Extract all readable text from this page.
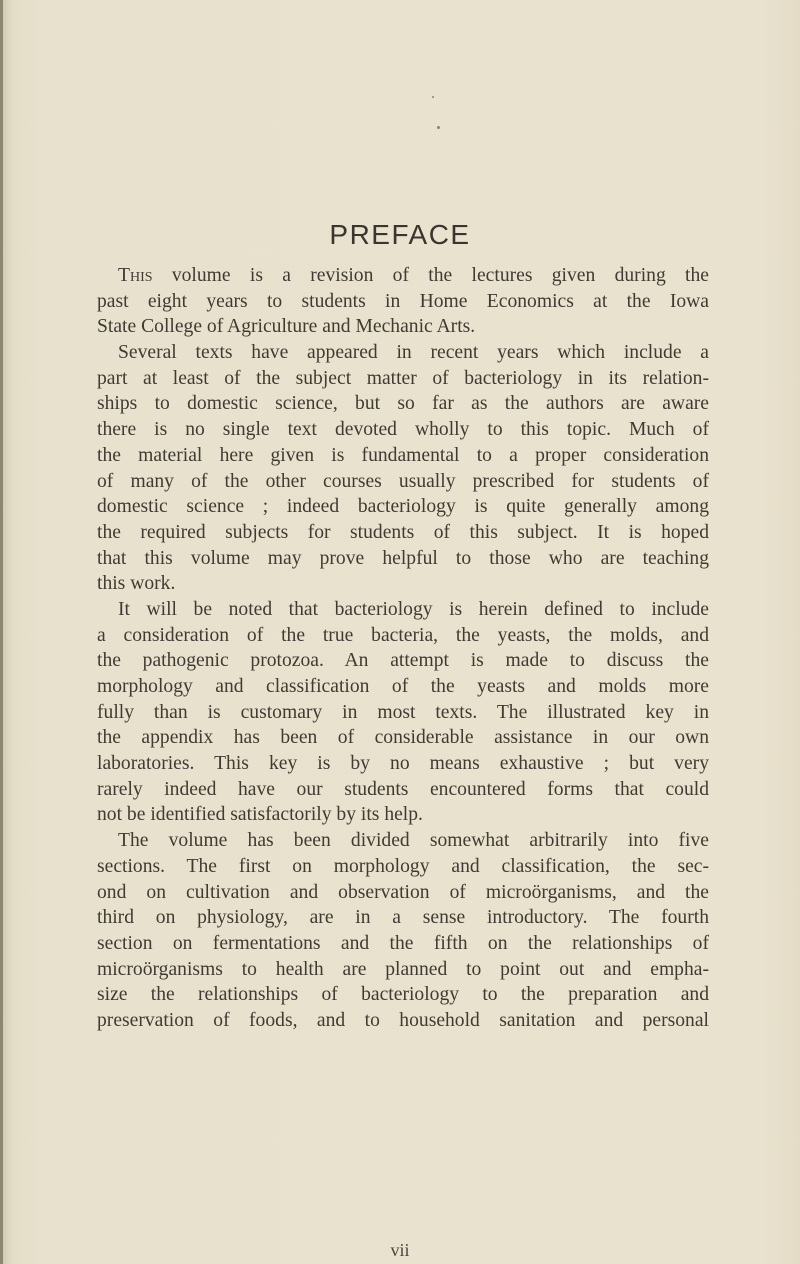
PREFACE
This volume is a revision of the lectures given during the
past eight years to students in Home Economics at the Iowa
State College of Agriculture and Mechanic Arts.
Several texts have appeared in recent years which include a
part at least of the subject matter of bacteriology in its relation-
ships to domestic science, but so far as the authors are aware
there is no single text devoted wholly to this topic. Much of
the material here given is fundamental to a proper consideration
of many of the other courses usually prescribed for students of
domestic science ; indeed bacteriology is quite generally among
the required subjects for students of this subject. It is hoped
that this volume may prove helpful to those who are teaching
this work.
It will be noted that bacteriology is herein defined to include
a consideration of the true bacteria, the yeasts, the molds, and
the pathogenic protozoa. An attempt is made to discuss the
morphology and classification of the yeasts and molds more
fully than is customary in most texts. The illustrated key in
the appendix has been of considerable assistance in our own
laboratories. This key is by no means exhaustive ; but very
rarely indeed have our students encountered forms that could
not be identified satisfactorily by its help.
The volume has been divided somewhat arbitrarily into five
sections. The first on morphology and classification, the sec-
ond on cultivation and observation of microörganisms, and the
third on physiology, are in a sense introductory. The fourth
section on fermentations and the fifth on the relationships of
microörganisms to health are planned to point out and empha-
size the relationships of bacteriology to the preparation and
preservation of foods, and to household sanitation and personal
vii
